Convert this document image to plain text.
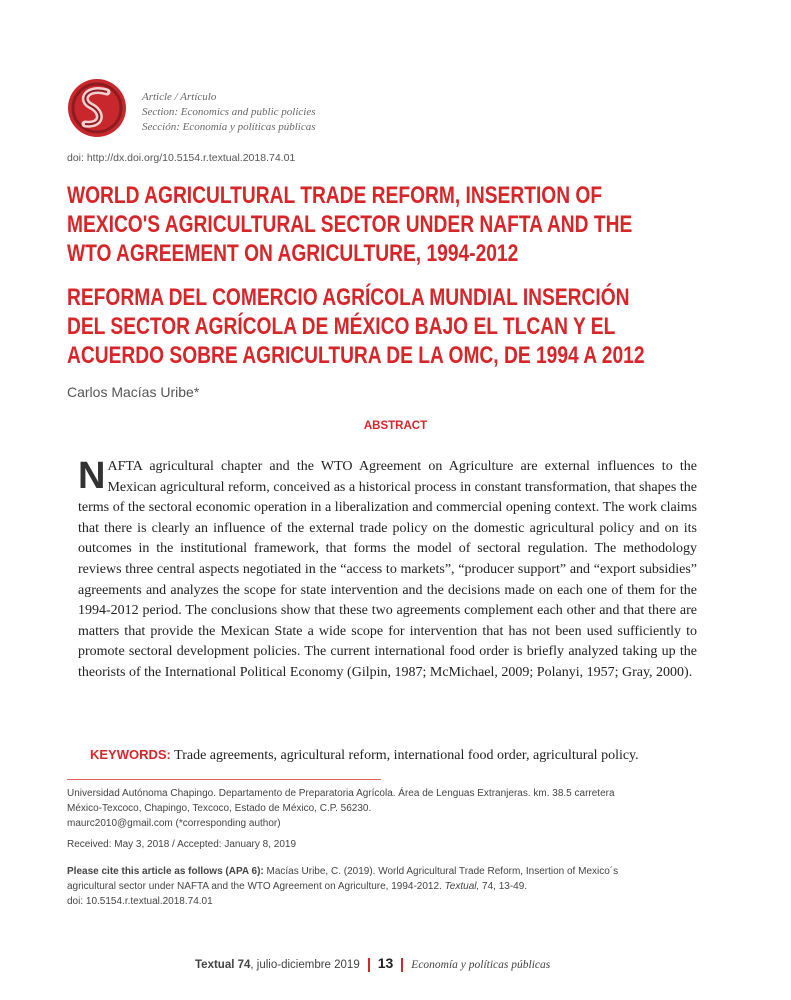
Article / Artículo
Section: Economics and public policies
Sección: Economía y políticas públicas
doi: http://dx.doi.org/10.5154.r.textual.2018.74.01
WORLD AGRICULTURAL TRADE REFORM, INSERTION OF
MEXICO'S AGRICULTURAL SECTOR UNDER NAFTA AND THE
WTO AGREEMENT ON AGRICULTURE, 1994-2012
REFORMA DEL COMERCIO AGRÍCOLA MUNDIAL INSERCIÓN
DEL SECTOR AGRÍCOLA DE MÉXICO BAJO EL TLCAN Y EL
ACUERDO SOBRE AGRICULTURA DE LA OMC, DE 1994 A 2012
Carlos Macías Uribe*
ABSTRACT
NAFTA agricultural chapter and the WTO Agreement on Agriculture are external influences to the Mexican agricultural reform, conceived as a historical process in constant transformation, that shapes the terms of the sectoral economic operation in a liberalization and commercial opening context. The work claims that there is clearly an influence of the external trade policy on the domestic agricultural policy and on its outcomes in the institutional framework, that forms the model of sectoral regulation. The methodology reviews three central aspects negotiated in the “access to markets”, “producer support” and “export subsidies” agreements and analyzes the scope for state intervention and the decisions made on each one of them for the 1994-2012 period. The conclusions show that these two agreements complement each other and that there are matters that provide the Mexican State a wide scope for intervention that has not been used sufficiently to promote sectoral development policies. The current international food order is briefly analyzed taking up the theorists of the International Political Economy (Gilpin, 1987; McMichael, 2009; Polanyi, 1957; Gray, 2000).
KEYWORDS: Trade agreements, agricultural reform, international food order, agricultural policy.
Universidad Autónoma Chapingo. Departamento de Preparatoria Agrícola. Área de Lenguas Extranjeras. km. 38.5 carretera
México-Texcoco, Chapingo, Texcoco, Estado de México, C.P. 56230.
maurc2010@gmail.com (*corresponding author)
Received: May 3, 2018 / Accepted: January 8, 2019
Please cite this article as follows (APA 6): Macías Uribe, C. (2019). World Agricultural Trade Reform, Insertion of Mexico´s
agricultural sector under NAFTA and the WTO Agreement on Agriculture, 1994-2012. Textual, 74, 13-49.
doi: 10.5154.r.textual.2018.74.01
Textual 74, julio-diciembre 2019 13 Economía y políticas públicas
